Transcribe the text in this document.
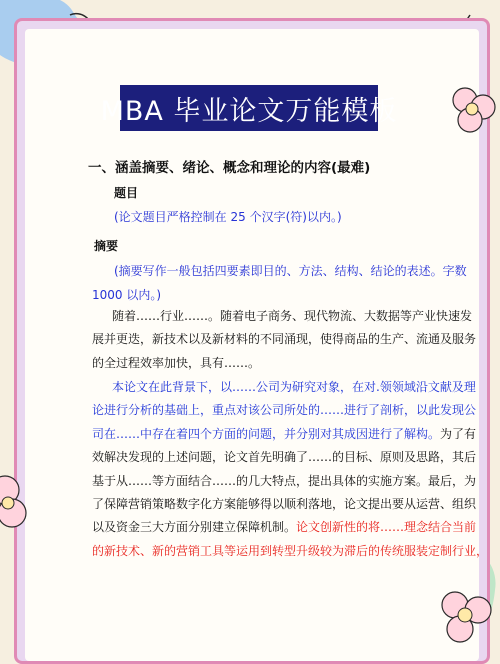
MBA 毕业论文万能模板
一、涵盖摘要、绪论、概念和理论的内容(最难)
题目
(论文题目严格控制在 25 个汉字(符)以内。)
摘要
(摘要写作一般包括四要素即目的、方法、结构、结论的表述。字数
1000 以内。)
随着……行业……。随着电子商务、现代物流、大数据等产业快速发
展并更迭，新技术以及新材料的不同涌现，使得商品的生产、流通及服务
的全过程效率加快，具有……。
本论文在此背景下，以……公司为研究对象，在对.领领域沿文献及理
论进行分析的基础上，重点对该公司所处的……进行了剖析，以此发现公
司在……中存在着四个方面的问题，并分别对其成因进行了解构。为了有
效解决发现的上述问题，论文首先明确了……的目标、原则及思路，其后
基于从……等方面结合……的几大特点，提出具体的实施方案。最后，为
了保障营销策略数字化方案能够得以顺利落地，论文提出要从运营、组织
以及资金三大方面分别建立保障机制。论文创新性的将……理念结合当前
的新技术、新的营销工具等运用到转型升级较为滞后的传统服装定制行业，
